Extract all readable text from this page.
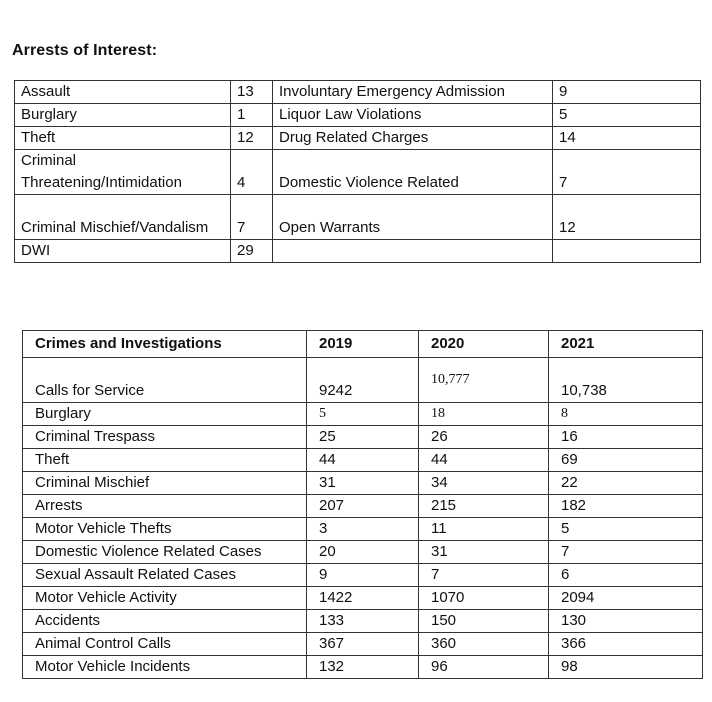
Arrests of Interest:
Assault	13	Involuntary Emergency Admission	9
Burglary	1	Liquor Law Violations	5
Theft	12	Drug Related Charges	14
Criminal Threatening/Intimidation	4	Domestic Violence Related	7
Criminal Mischief/Vandalism	7	Open Warrants	12
DWI	29		
Crimes and Investigations	2019	2020	2021
Calls for Service	9242	10,777	10,738
Burglary	5	18	8
Criminal Trespass	25	26	16
Theft	44	44	69
Criminal Mischief	31	34	22
Arrests	207	215	182
Motor Vehicle Thefts	3	11	5
Domestic Violence Related Cases	20	31	7
Sexual Assault Related Cases	9	7	6
Motor Vehicle Activity	1422	1070	2094
Accidents	133	150	130
Animal Control Calls	367	360	366
Motor Vehicle Incidents	132	96	98
